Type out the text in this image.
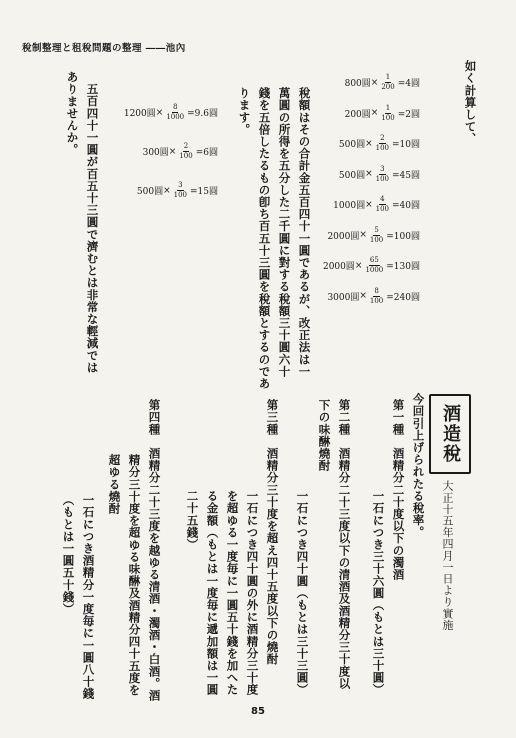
稅制整理と租稅問題の整理 ――池內
如く計算して、
800圓 × $\frac{1}{200} =4$圓
200圓 × $\frac{1}{100} =2$圓
500圓 × $\frac{2}{100} =10$圓
500圓 × $\frac{3}{100} =45$圓
1000圓 × $\frac{4}{100} =40$圓
2000圓 × $\frac{5}{100} =100$圓
2000圓 × $\frac{65}{1000} =130$圓
3000圓 × $\frac{8}{100} =240$圓
1200圓 × $\frac{8}{1000} =9.6$圓
300圓 × $\frac{2}{100} =6$圓
500圓 × $\frac{3}{100} =15$圓	稅額はその合計金五百四十一圓であるが、改正法は一
萬圓の所得を五分した二千圓に對する稅額三十圓六十
錢を五倍したるもの卽ち百五十三圓を稅額とするのであ
ります。
五百四十一圓が百五十三圓で濟むとは非常な輕減では
ありませんか。
酒造稅
大正十五年四月一日より實施
今回引上げられたる稅率。
第一種　酒精分二十度以下の濁酒
一石につき三十六圓（もとは三十圓）
第二種　酒精分二十三度以下の清酒及酒精分三十度以
下の味醂燒酎
一石につき四十圓（もとは三十三圓）
第三種　酒精分三十度を超え四十五度以下の燒酎
一石につき四十圓の外に酒精分三十度
を超ゆる一度毎に一圓五十錢を加へた
る金額（もとは一度毎に遞加額は一圓
二十五錢）
第四種　酒精分二十三度を越ゆる清酒・濁酒・白酒。酒
精分三十度を超ゆる味醂及酒精分四十五度を
超ゆる燒酎
一石につき酒精分一度毎に一圓八十錢
（もとは一圓五十錢）
85
